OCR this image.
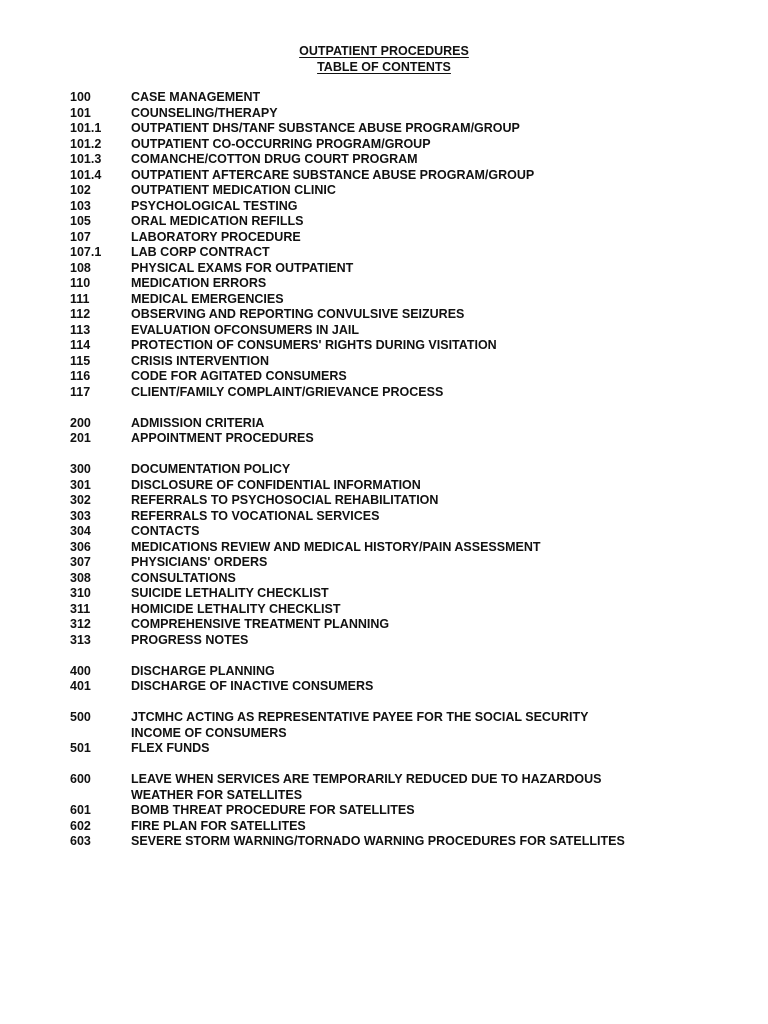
OUTPATIENT PROCEDURES
TABLE OF CONTENTS
100	CASE MANAGEMENT
101	COUNSELING/THERAPY
101.1	OUTPATIENT DHS/TANF SUBSTANCE ABUSE PROGRAM/GROUP
101.2	OUTPATIENT CO-OCCURRING PROGRAM/GROUP
101.3	COMANCHE/COTTON DRUG COURT PROGRAM
101.4	OUTPATIENT AFTERCARE SUBSTANCE ABUSE PROGRAM/GROUP
102	OUTPATIENT MEDICATION CLINIC
103	PSYCHOLOGICAL TESTING
105	ORAL MEDICATION REFILLS
107	LABORATORY PROCEDURE
107.1	LAB CORP CONTRACT
108	PHYSICAL EXAMS FOR OUTPATIENT
110	MEDICATION ERRORS
111	MEDICAL EMERGENCIES
112	OBSERVING AND REPORTING CONVULSIVE SEIZURES
113	EVALUATION OFCONSUMERS IN JAIL
114	PROTECTION OF CONSUMERS' RIGHTS DURING VISITATION
115	CRISIS INTERVENTION
116	CODE FOR AGITATED CONSUMERS
117	CLIENT/FAMILY COMPLAINT/GRIEVANCE PROCESS
200	ADMISSION CRITERIA
201	APPOINTMENT PROCEDURES
300	DOCUMENTATION POLICY
301	DISCLOSURE OF CONFIDENTIAL INFORMATION
302	REFERRALS TO PSYCHOSOCIAL REHABILITATION
303	REFERRALS TO VOCATIONAL SERVICES
304	CONTACTS
306	MEDICATIONS REVIEW AND MEDICAL HISTORY/PAIN ASSESSMENT
307	PHYSICIANS' ORDERS
308	CONSULTATIONS
310	SUICIDE LETHALITY CHECKLIST
311	HOMICIDE LETHALITY CHECKLIST
312	COMPREHENSIVE TREATMENT PLANNING
313	PROGRESS NOTES
400	DISCHARGE PLANNING
401	DISCHARGE OF INACTIVE CONSUMERS
500	JTCMHC ACTING AS REPRESENTATIVE PAYEE FOR THE SOCIAL SECURITY
INCOME OF CONSUMERS
501	FLEX FUNDS
600	LEAVE WHEN SERVICES ARE TEMPORARILY REDUCED DUE TO HAZARDOUS
WEATHER FOR SATELLITES
601	BOMB THREAT PROCEDURE FOR SATELLITES
602	FIRE PLAN FOR SATELLITES
603	SEVERE STORM WARNING/TORNADO WARNING PROCEDURES FOR SATELLITES
